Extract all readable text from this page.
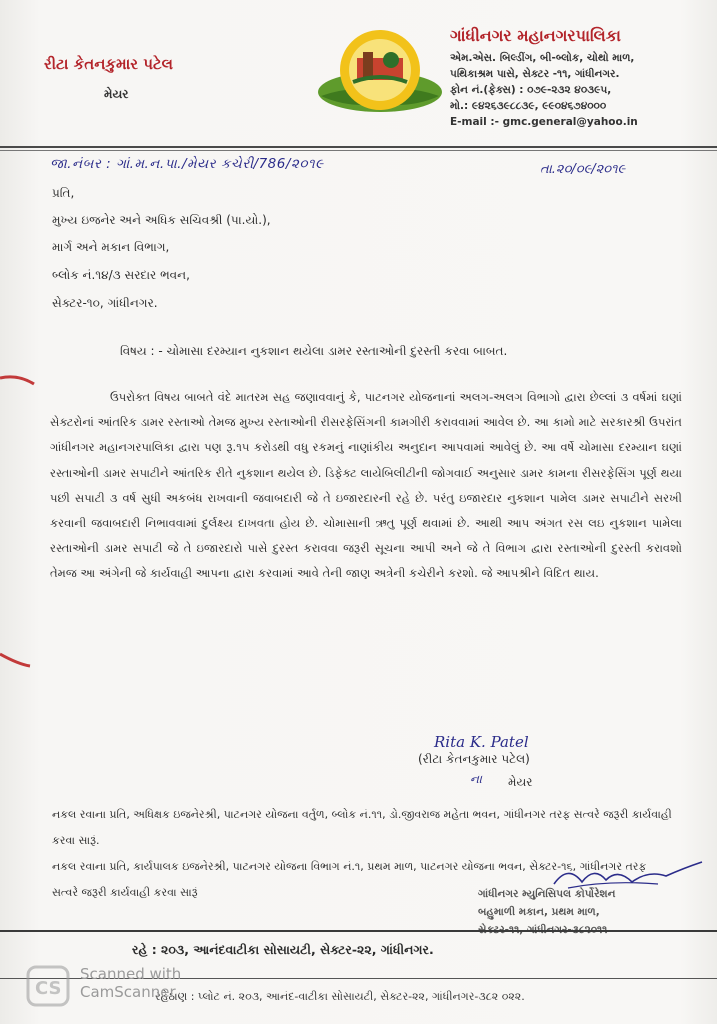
રીટા કેતનકુમાર પટેલ
મેયર
ગાંધીનગર મહાનગરપાલિકા
એમ.એસ. બિલ્ડીંગ, બી-બ્લોક, ચોથો માળ,
પથિકાશ્રમ પાસે, સેક્ટર -૧૧, ગાંધીનગર.
ફોન નં.(ફેક્સ) : ૦૭૯-૨૩૨ ૪૦૩૯૫,
મો.: ૯૪૨૬૩૯૮૮૩૯, ૯૯૦૪૬૭૪૦૦૦
E-mail :- gmc.general@yahoo.in
જા.નંબર : ગાં.મ.ન.પા./મેયર કચેરી/786/૨૦૧૯	તા.૨૦/૦૯/૨૦૧૯
પ્રતિ,
મુખ્ય ઇજનેર અને અધિક સચિવશ્રી (પા.યો.),
માર્ગ અને મકાન વિભાગ,
બ્લોક નં.૧૪/૩ સરદાર ભવન,
સેક્ટર-૧૦, ગાંધીનગર.
વિષય : - ચોમાસા દરમ્યાન નુકશાન થયેલા ડામર રસ્તાઓની દુરસ્તી કરવા બાબત.

ઉપરોક્ત વિષય બાબતે વંદે માતરમ સહ જણાવવાનું કે, પાટનગર યોજનાનાં અલગ-અલગ વિભાગો દ્વારા છેલ્લાં ૩ વર્ષમાં ઘણાં સેક્ટરોનાં આંતરિક ડામર રસ્તાઓ તેમજ મુખ્ય રસ્તાઓની રીસરફેસિંગની કામગીરી કરાવવામાં આવેલ છે. આ કામો માટે સરકારશ્રી ઉપરાંત ગાંધીનગર મહાનગરપાલિકા દ્વારા પણ રૂ.૧૫ કરોડથી વધુ રકમનું નાણાંકીય અનુદાન આપવામાં આવેલું છે. આ વર્ષે ચોમાસા દરમ્યાન ઘણાં રસ્તાઓની ડામર સપાટીને આંતરિક રીતે નુકશાન થયેલ છે. ડિફેક્ટ લાયેબિલીટીની જોગવાઈ અનુસાર ડામર કામના રીસરફેસિંગ પૂર્ણ થયા પછી સપાટી ૩ વર્ષ સુધી અકબંધ રાખવાની જવાબદારી જે તે ઇજારદારની રહે છે. પરંતુ ઇજારદાર નુકશાન પામેલ ડામર સપાટીને સરખી કરવાની જવાબદારી નિભાવવામાં દુર્લક્ષ્ય દાખવતા હોય છે. ચોમાસાની ઋતુ પૂર્ણ થવામાં છે. આથી આપ અંગત રસ લઇ નુકશાન પામેલા રસ્તાઓની ડામર સપાટી જે તે ઇજારદારો પાસે દુરસ્ત કરાવવા જરૂરી સૂચના આપી અને જે તે વિભાગ દ્વારા રસ્તાઓની દુરસ્તી કરાવશો તેમજ આ અંગેની જે કાર્યવાહી આપના દ્વારા કરવામાં આવે તેની જાણ અત્રેની કચેરીને કરશો. જે આપશ્રીને વિદિત થાય.

Rita K. Patel
(રીટા કેતનકુમાર પટેલ)
ના મેયર
નકલ રવાના પ્રતિ, અધિક્ષક ઇજનેરશ્રી, પાટનગર યોજના વર્તુળ, બ્લોક નં.૧૧, ડો.જીવરાજ મહેતા ભવન, ગાંધીનગર તરફ સત્વરે જરૂરી કાર્યવાહી કરવા સારૂં.
નકલ રવાના પ્રતિ, કાર્યપાલક ઇજનેરશ્રી, પાટનગર યોજના વિભાગ નં.૧, પ્રથમ માળ, પાટનગર યોજના ભવન, સેક્ટર-૧૬, ગાંધીનગર તરફ સત્વરે જરૂરી કાર્યવાહી કરવા સારૂં	ગાંધીનગર મ્યુનિસિપલ કોર્પોરેશન
બહુમાળી મકાન, પ્રથમ માળ,
સેક્ટર-૧૧, ગાંધીનગર-૩૮૨૦૧૧
રહે : ૨૦૩, આનંદવાટીકા સોસાયટી, સેક્ટર-૨૨, ગાંધીનગર.
રહેઠાણ : પ્લોટ નં. ૨૦૩, આનંદ-વાટીકા સોસાયટી, સેક્ટર-૨૨, ગાંધીનગર-૩૮૨ ૦૨૨.
CS
Scanned with
CamScanner
